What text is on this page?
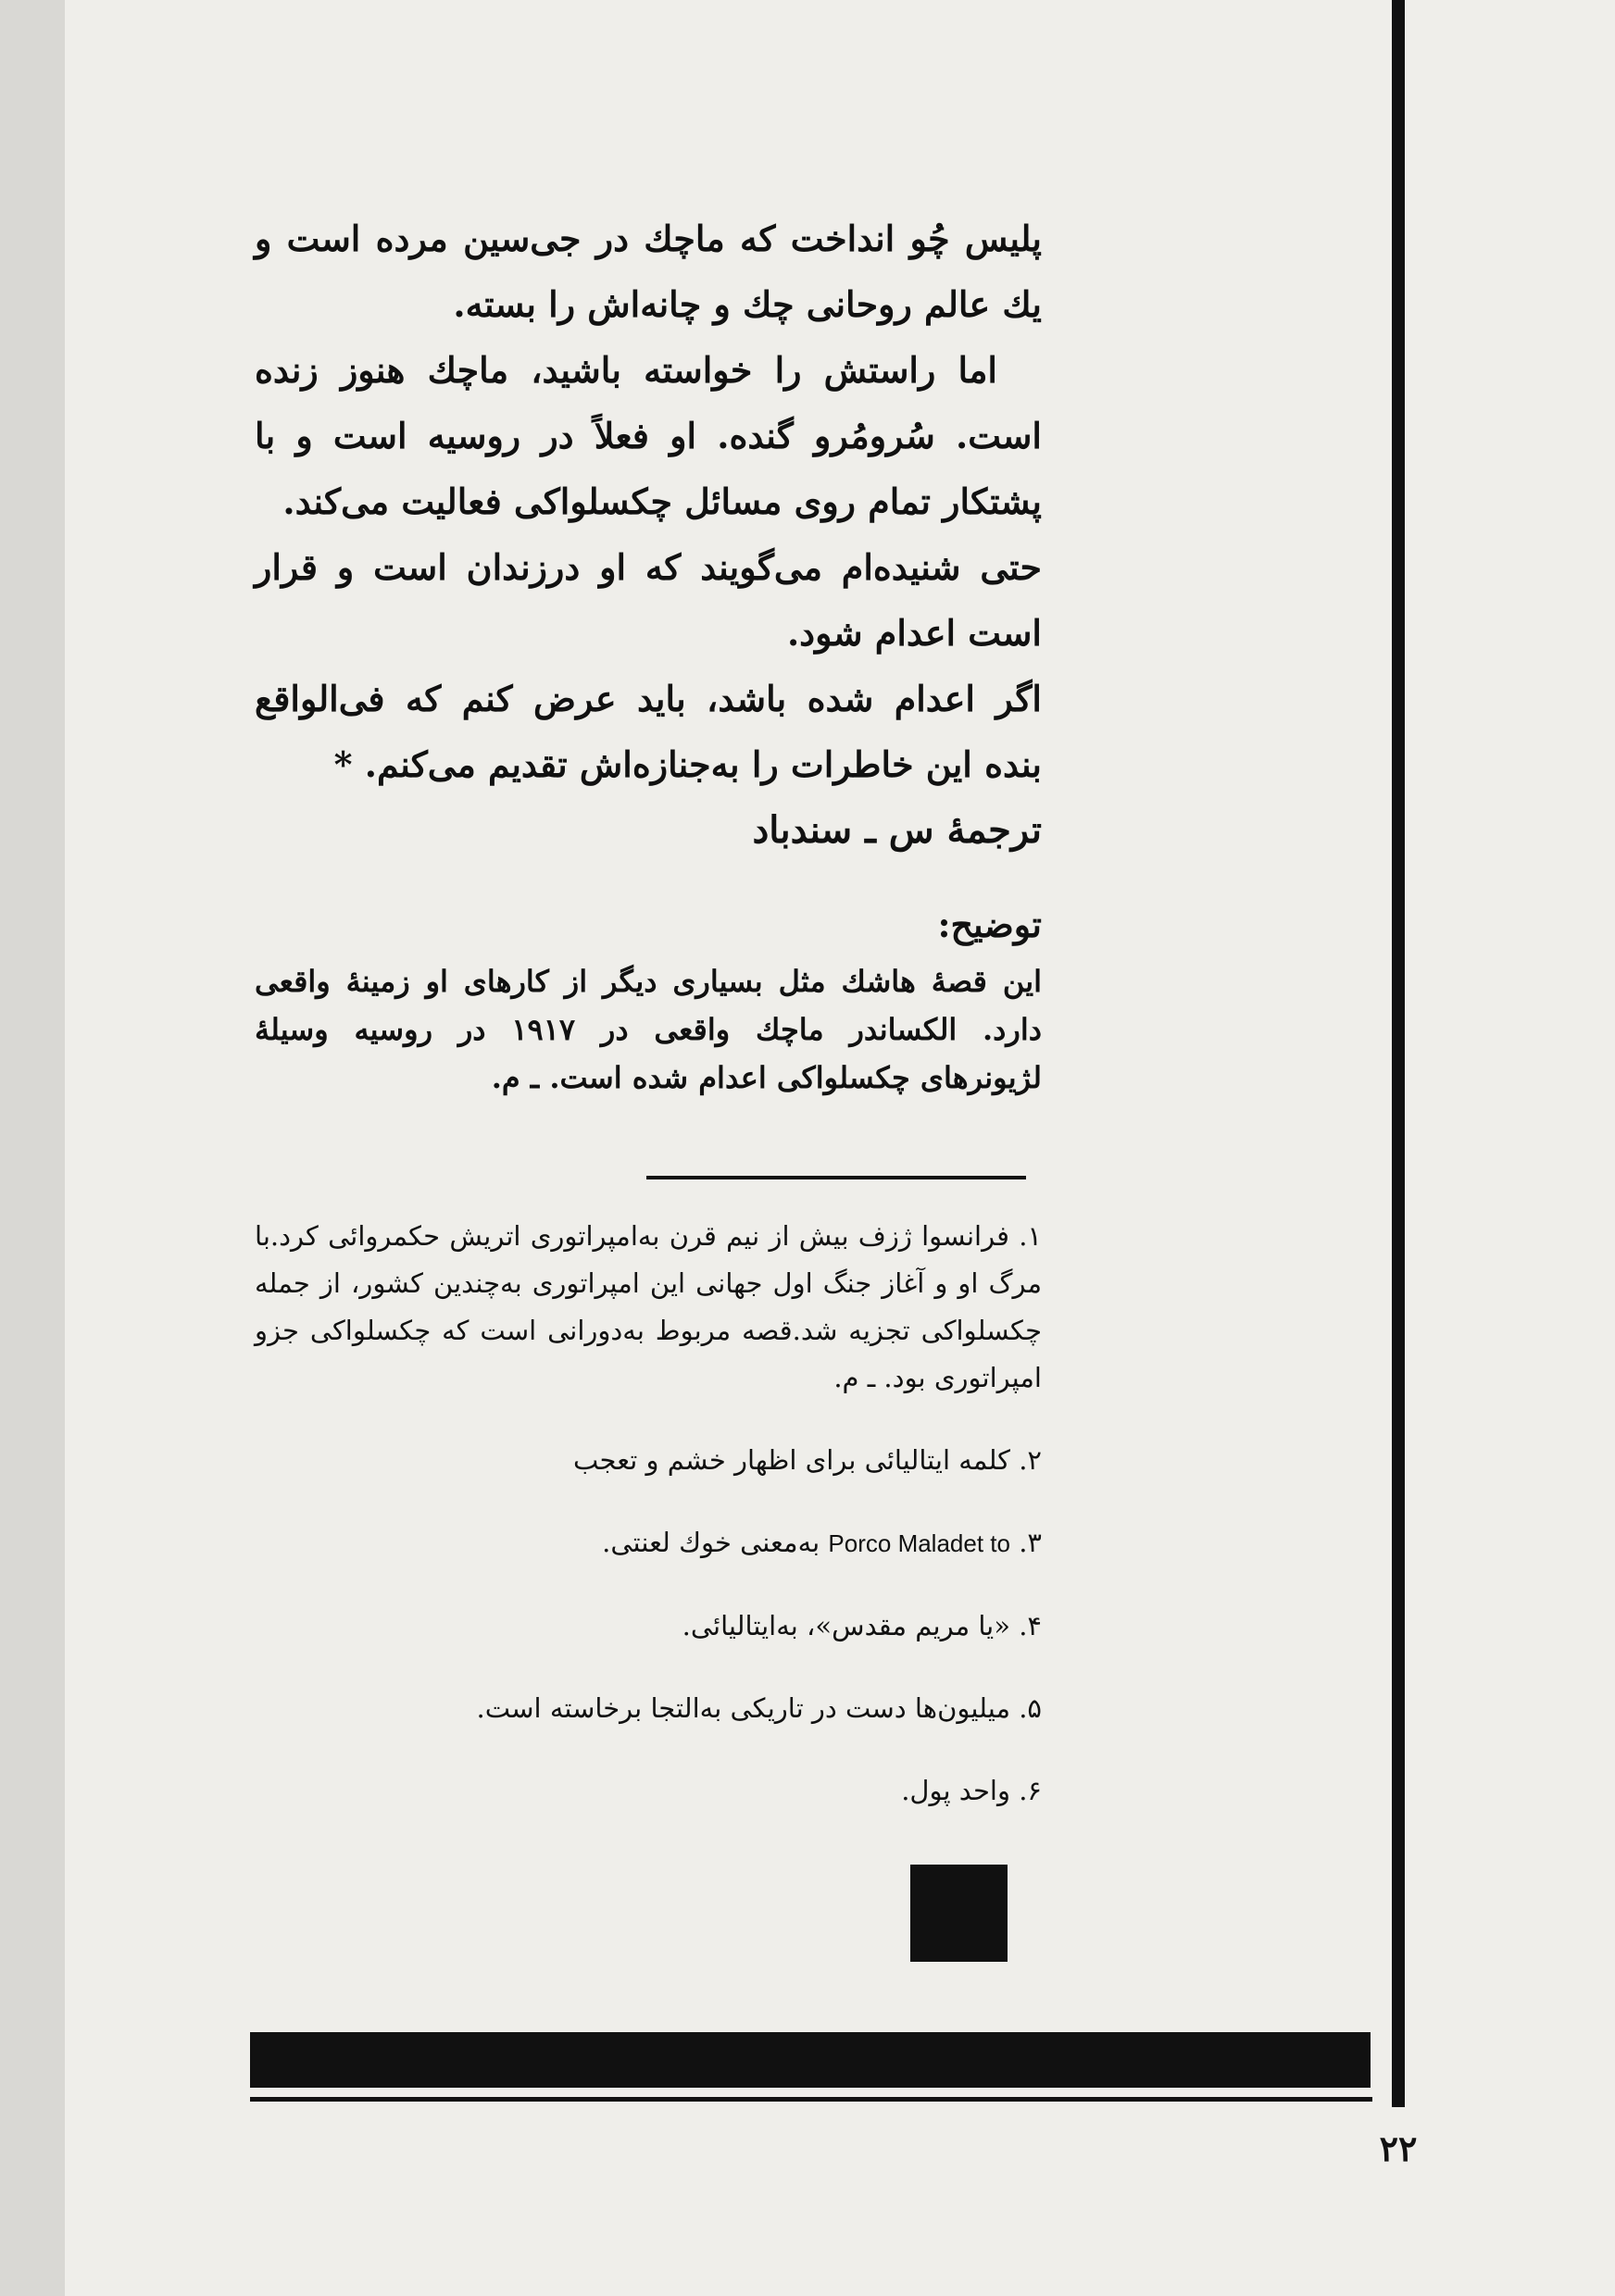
پلیس چُو انداخت که ماچك در جی‌سین مرده است و یك عالم روحانی چك و چانه‌اش را بسته.

اما راستش را خواسته باشید، ماچك هنوز زنده است. سُرومُرو گنده. او فعلاً در روسیه است و با پشتکار تمام روی مسائل چکسلواکی فعالیت می‌کند.

حتی شنیده‌ام می‌گویند که او درزندان است و قرار است اعدام شود.

اگر اعدام شده باشد، باید عرض کنم که فی‌الواقع بنده این خاطرات را به‌جنازه‌اش تقدیم می‌کنم. *

ترجمهٔ س ـ سندباد

توضیح:

این قصهٔ هاشك مثل بسیاری دیگر از کارهای او زمینهٔ واقعی دارد. الکساندر ماچك واقعی در ۱۹۱۷ در روسیه وسیلهٔ لژیونرهای چکسلواکی اعدام شده است. ـ م.

۱. فرانسوا ژزف بیش از نیم قرن به‌امپراتوری اتریش حکمروائی کرد.با مرگ او و آغاز جنگ اول جهانی این امپراتوری به‌چندین کشور، از جمله چکسلواکی تجزیه شد.قصه مربوط به‌دورانی است که چکسلواکی جزو امپراتوری بود. ـ م.

۲. کلمه ایتالیائی برای اظهار خشم و تعجب

۳. Porco Maladet to به‌معنی خوك لعنتی.

۴. «یا مریم مقدس»، به‌ایتالیائی.

۵. میلیون‌ها دست در تاریکی به‌التجا برخاسته است.

۶. واحد پول.

۲۲
